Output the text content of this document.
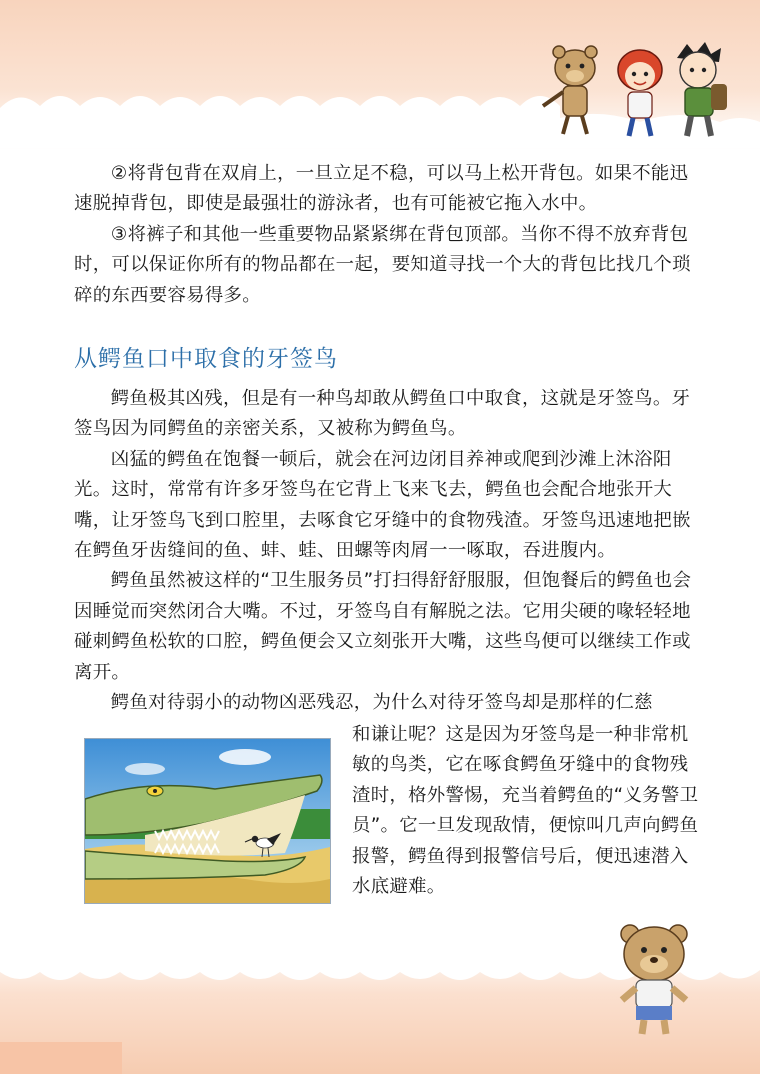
②将背包背在双肩上，一旦立足不稳，可以马上松开背包。如果不能迅速脱掉背包，即使是最强壮的游泳者，也有可能被它拖入水中。

③将裤子和其他一些重要物品紧紧绑在背包顶部。当你不得不放弃背包时，可以保证你所有的物品都在一起，要知道寻找一个大的背包比找几个琐碎的东西要容易得多。

从鳄鱼口中取食的牙签鸟

鳄鱼极其凶残，但是有一种鸟却敢从鳄鱼口中取食，这就是牙签鸟。牙签鸟因为同鳄鱼的亲密关系，又被称为鳄鱼鸟。

凶猛的鳄鱼在饱餐一顿后，就会在河边闭目养神或爬到沙滩上沐浴阳光。这时，常常有许多牙签鸟在它背上飞来飞去，鳄鱼也会配合地张开大嘴，让牙签鸟飞到口腔里，去啄食它牙缝中的食物残渣。牙签鸟迅速地把嵌在鳄鱼牙齿缝间的鱼、蚌、蛙、田螺等肉屑一一啄取，吞进腹内。

鳄鱼虽然被这样的“卫生服务员”打扫得舒舒服服，但饱餐后的鳄鱼也会因睡觉而突然闭合大嘴。不过，牙签鸟自有解脱之法。它用尖硬的喙轻轻地碰刺鳄鱼松软的口腔，鳄鱼便会又立刻张开大嘴，这些鸟便可以继续工作或离开。

鳄鱼对待弱小的动物凶恶残忍，为什么对待牙签鸟却是那样的仁慈

和谦让呢？这是因为牙签鸟是一种非常机
敏的鸟类，它在啄食鳄鱼牙缝中的食物残
渣时，格外警惕，充当着鳄鱼的“义务警卫
员”。它一旦发现敌情，便惊叫几声向鳄鱼
报警，鳄鱼得到报警信号后，便迅速潜入
水底避难。
